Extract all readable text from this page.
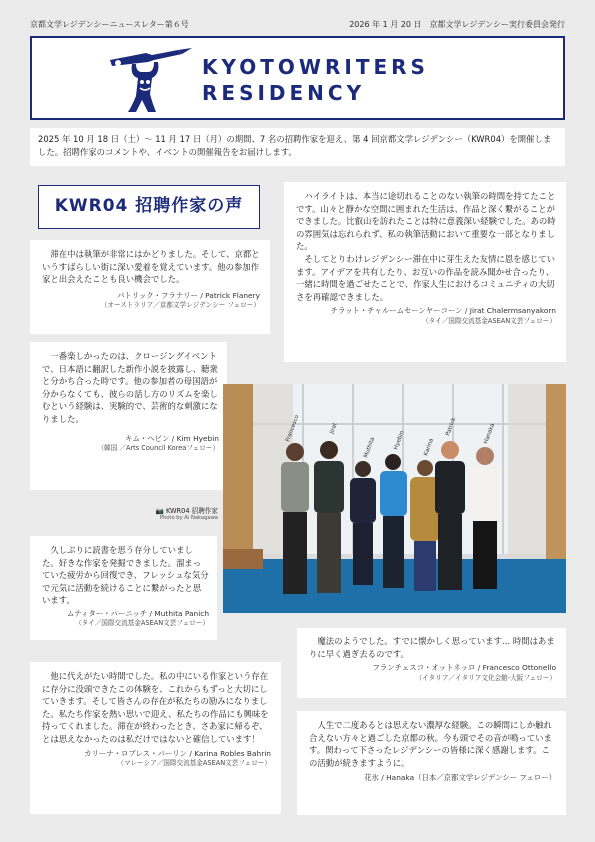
京都文学レジデンシーニュースレター第６号	2026 年 1 月 20 日　京都文学レジデンシー実行委員会発行
KYOTOWRITERS
RESIDENCY

2025 年 10 月 18 日（土）～ 11 月 17 日（月）の期間、7 名の招聘作家を迎え、第 4 回京都文学レジデンシー（KWR04）を開催しました。招聘作家のコメントや、イベントの開催報告をお届けします。

KWR04 招聘作家の声

滞在中は執筆が非常にはかどりました。そして、京都というすばらしい街に深い愛着を覚えています。他の参加作家と出会えたことも良い機会でした。

パトリック・フラナリー / Patrick Flanery

（オーストラリア／京都文学レジデンシー フェロー）

一番楽しかったのは、クロージングイベントで、日本語に翻訳した新作小説を披露し、聴衆と分かち合った時です。他の参加者の母国語が分からなくても、彼らの話し方のリズムを楽しむという経験は、実験的で、芸術的な刺激になりました。

キム・ヘビン / Kim Hyebin

（韓国 ／Arts Council Koreaフェロー）

ハイライトは、本当に途切れることのない執筆の時間を持てたことです。山々と静かな空間に囲まれた生活は、作品と深く繋がることができました。比叡山を訪れたことは特に意義深い経験でした。あの時の雰囲気は忘れられず、私の執筆活動において重要な一部となりました。

そしてとりわけレジデンシー滞在中に芽生えた友情に恩を感じています。アイデアを共有したり、お互いの作品を読み聞かせ合ったり、一緒に時間を過ごせたことで、作家人生におけるコミュニティの大切さを再確認できました。

チラット・チャルームセーンヤーコーン / Jirat Chalermsanyakorn

（タイ／国際交流基金ASEAN文芸フェロー）

📷 KWR04 招聘作家

Photo by Ai Nakagawa

Francesco	Jirat
Muthita	Hyebin	Karina
Patrick	Hanaka

久しぶりに読書を思う存分していました。好きな作家を発掘できました。溜まっていた疲労から回復でき、フレッシュな気分で元気に活動を続けることに繋がったと思います。

ムティター・パーニッチ / Muthita Panich

（タイ／国際交流基金ASEAN文芸フェロー）

他に代えがたい時間でした。私の中にいる作家という存在に存分に没頭できたこの体験を、これからもずっと大切にしていきます。そして皆さんの存在が私たちの励みになりました。私たち作家を熱い思いで迎え、私たちの作品にも興味を持ってくれました。滞在が終わったとき、さあ家に帰るぞ、とは思えなかったのは私だけではないと確信しています！

カリーナ・ロブレス・バーリン / Karina Robles Bahrin

（マレーシア／国際交流基金ASEAN文芸フェロー）

魔法のようでした。すでに懐かしく思っています… 時間はあまりに早く過ぎ去るのです。

フランチェスコ・オットネッロ / Francesco Ottonello

（イタリア／イタリア文化会館-大阪フェロー）

人生で二度あるとは思えない濃厚な経験。この瞬間にしか触れ合えない方々と過ごした京都の秋。今も頭でその音が鳴っています。関わって下さったレジデンシーの皆様に深く感謝します。この活動が続きますように。

花氷 / Hanaka（日本／京都文学レジデンシー フェロー）
